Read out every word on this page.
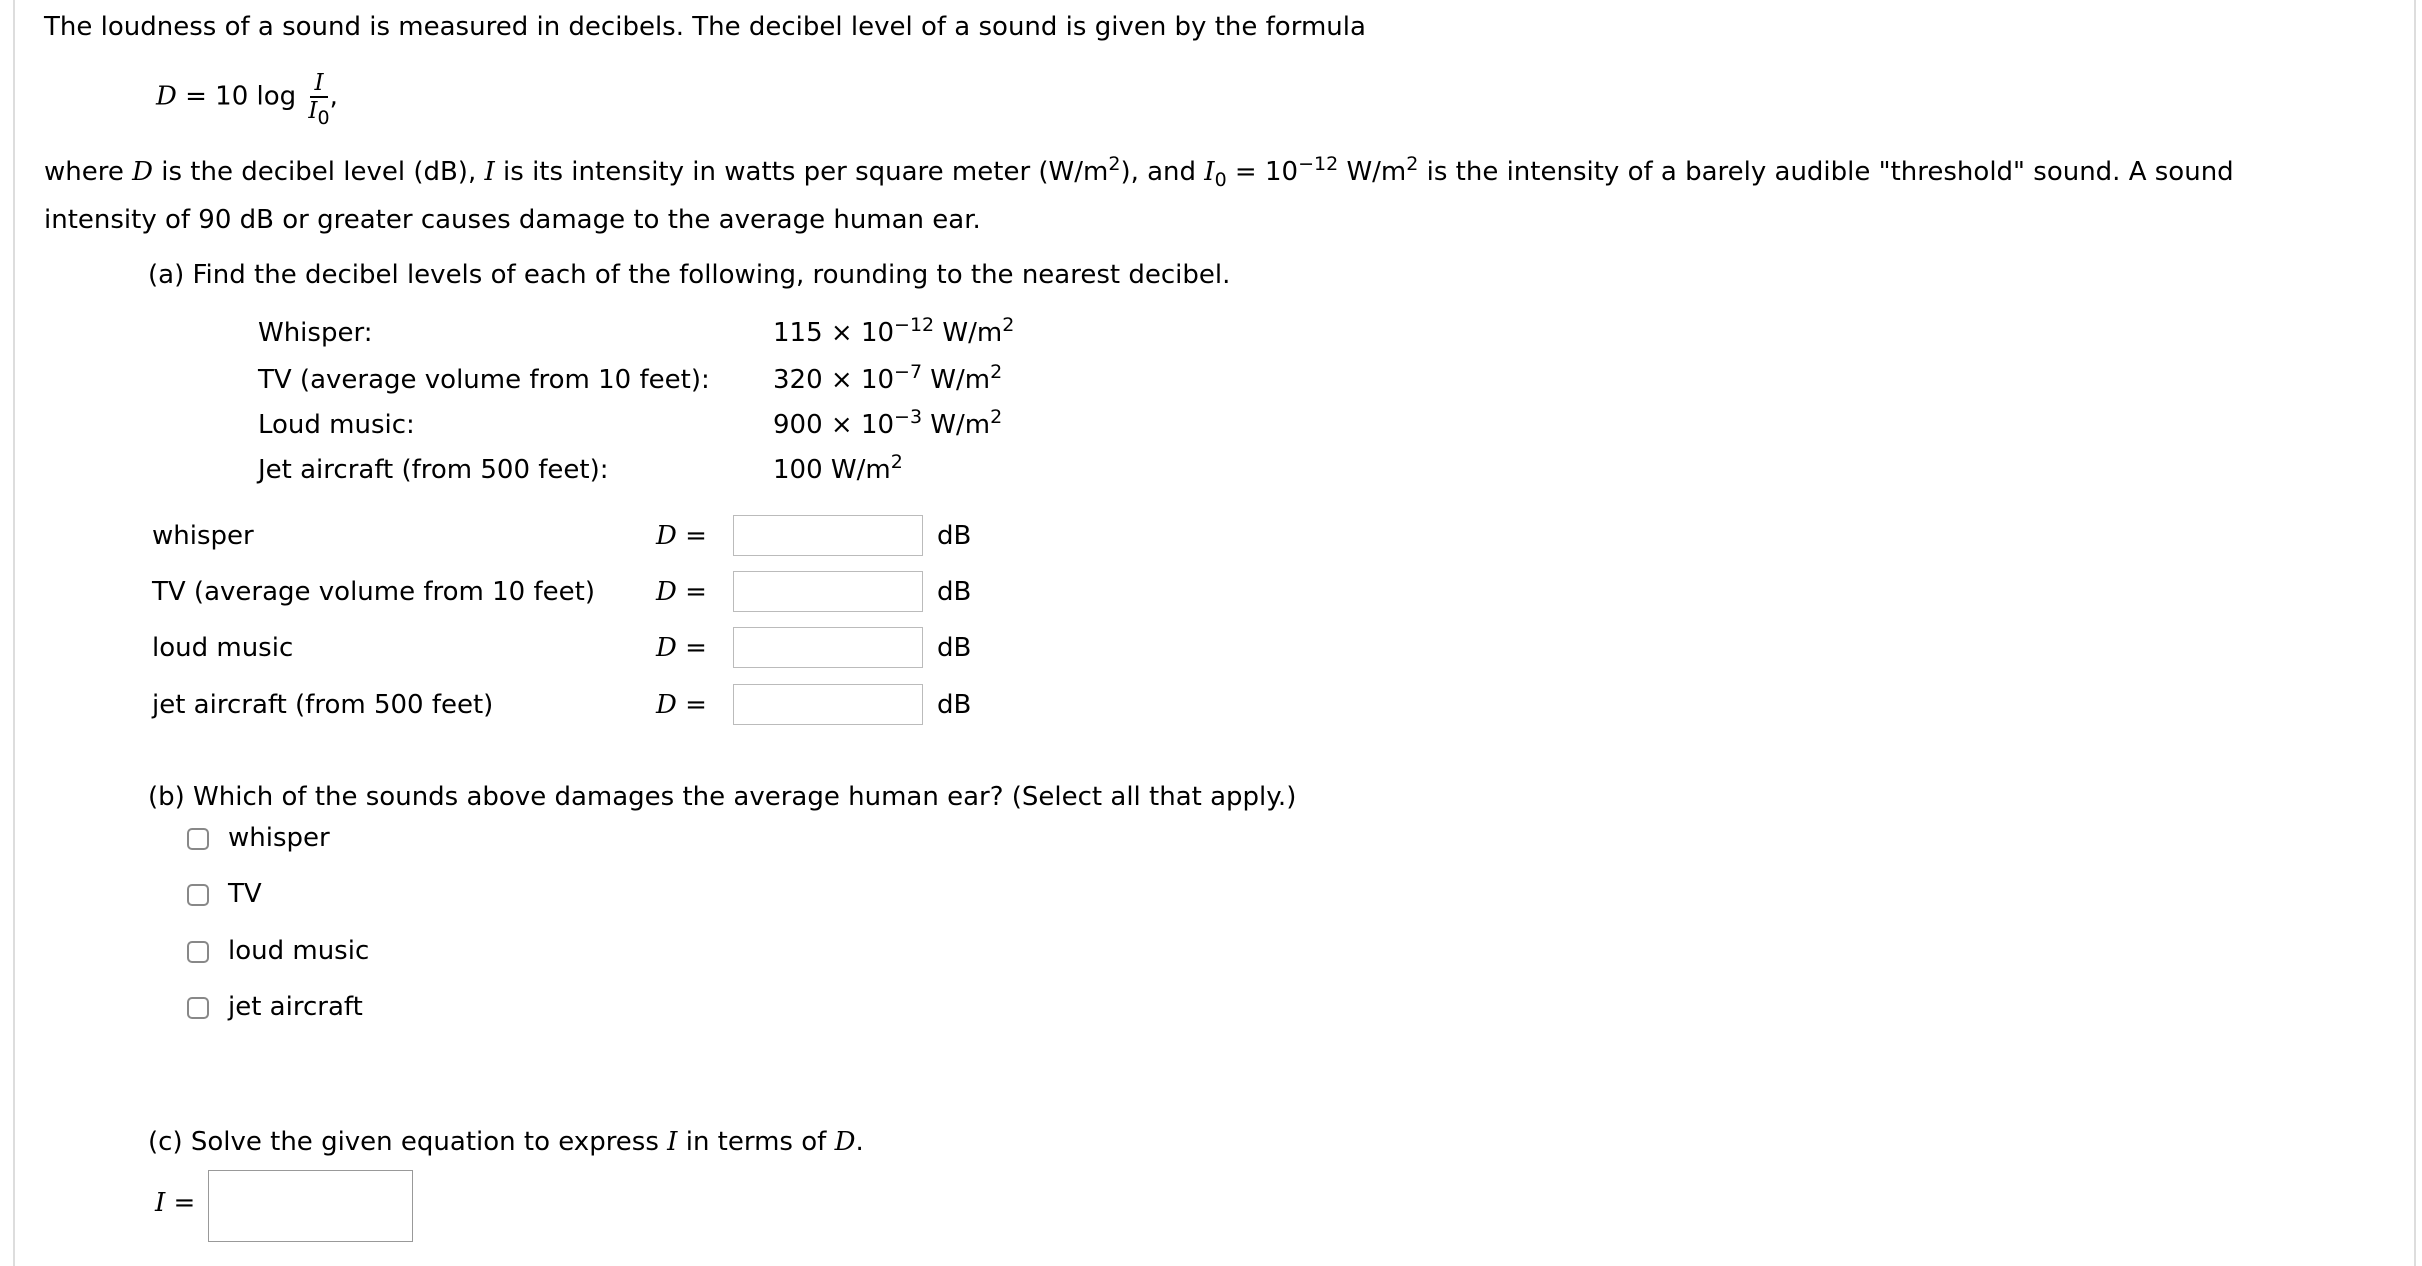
The loudness of a sound is measured in decibels. The decibel level of a sound is given by the formula
D = 10 $\log \frac{I}{I_0}$ ,
where D is the decibel level (dB), I is its intensity in watts per square meter $(W/m^2)$, and $I_0 = 10^{-12}$ $W/m^2$ is the intensity of a barely audible "threshold" sound. A sound
intensity of 90 dB or greater causes damage to the average human ear.
(a) Find the decibel levels of each of the following, rounding to the nearest decibel.
Whisper:	$115 \times 10^{-12}$ $W/m^2$
TV (average volume from 10 feet): $320 \times 10^{-7}$ $W/m^2$
Loud music:	$900 \times 10^{-3}$ $W/m^2$
Jet aircraft (from 500 feet):	100 $W/m^2$
whisper	D =	dB
TV (average volume from 10 feet) D =	dB
loud music	D =	dB
jet aircraft (from 500 feet)	D =	dB
(b) Which of the sounds above damages the average human ear? (Select all that apply.)
whisper
TV
loud music
jet aircraft
(c) Solve the given equation to express I in terms of D.
I =
